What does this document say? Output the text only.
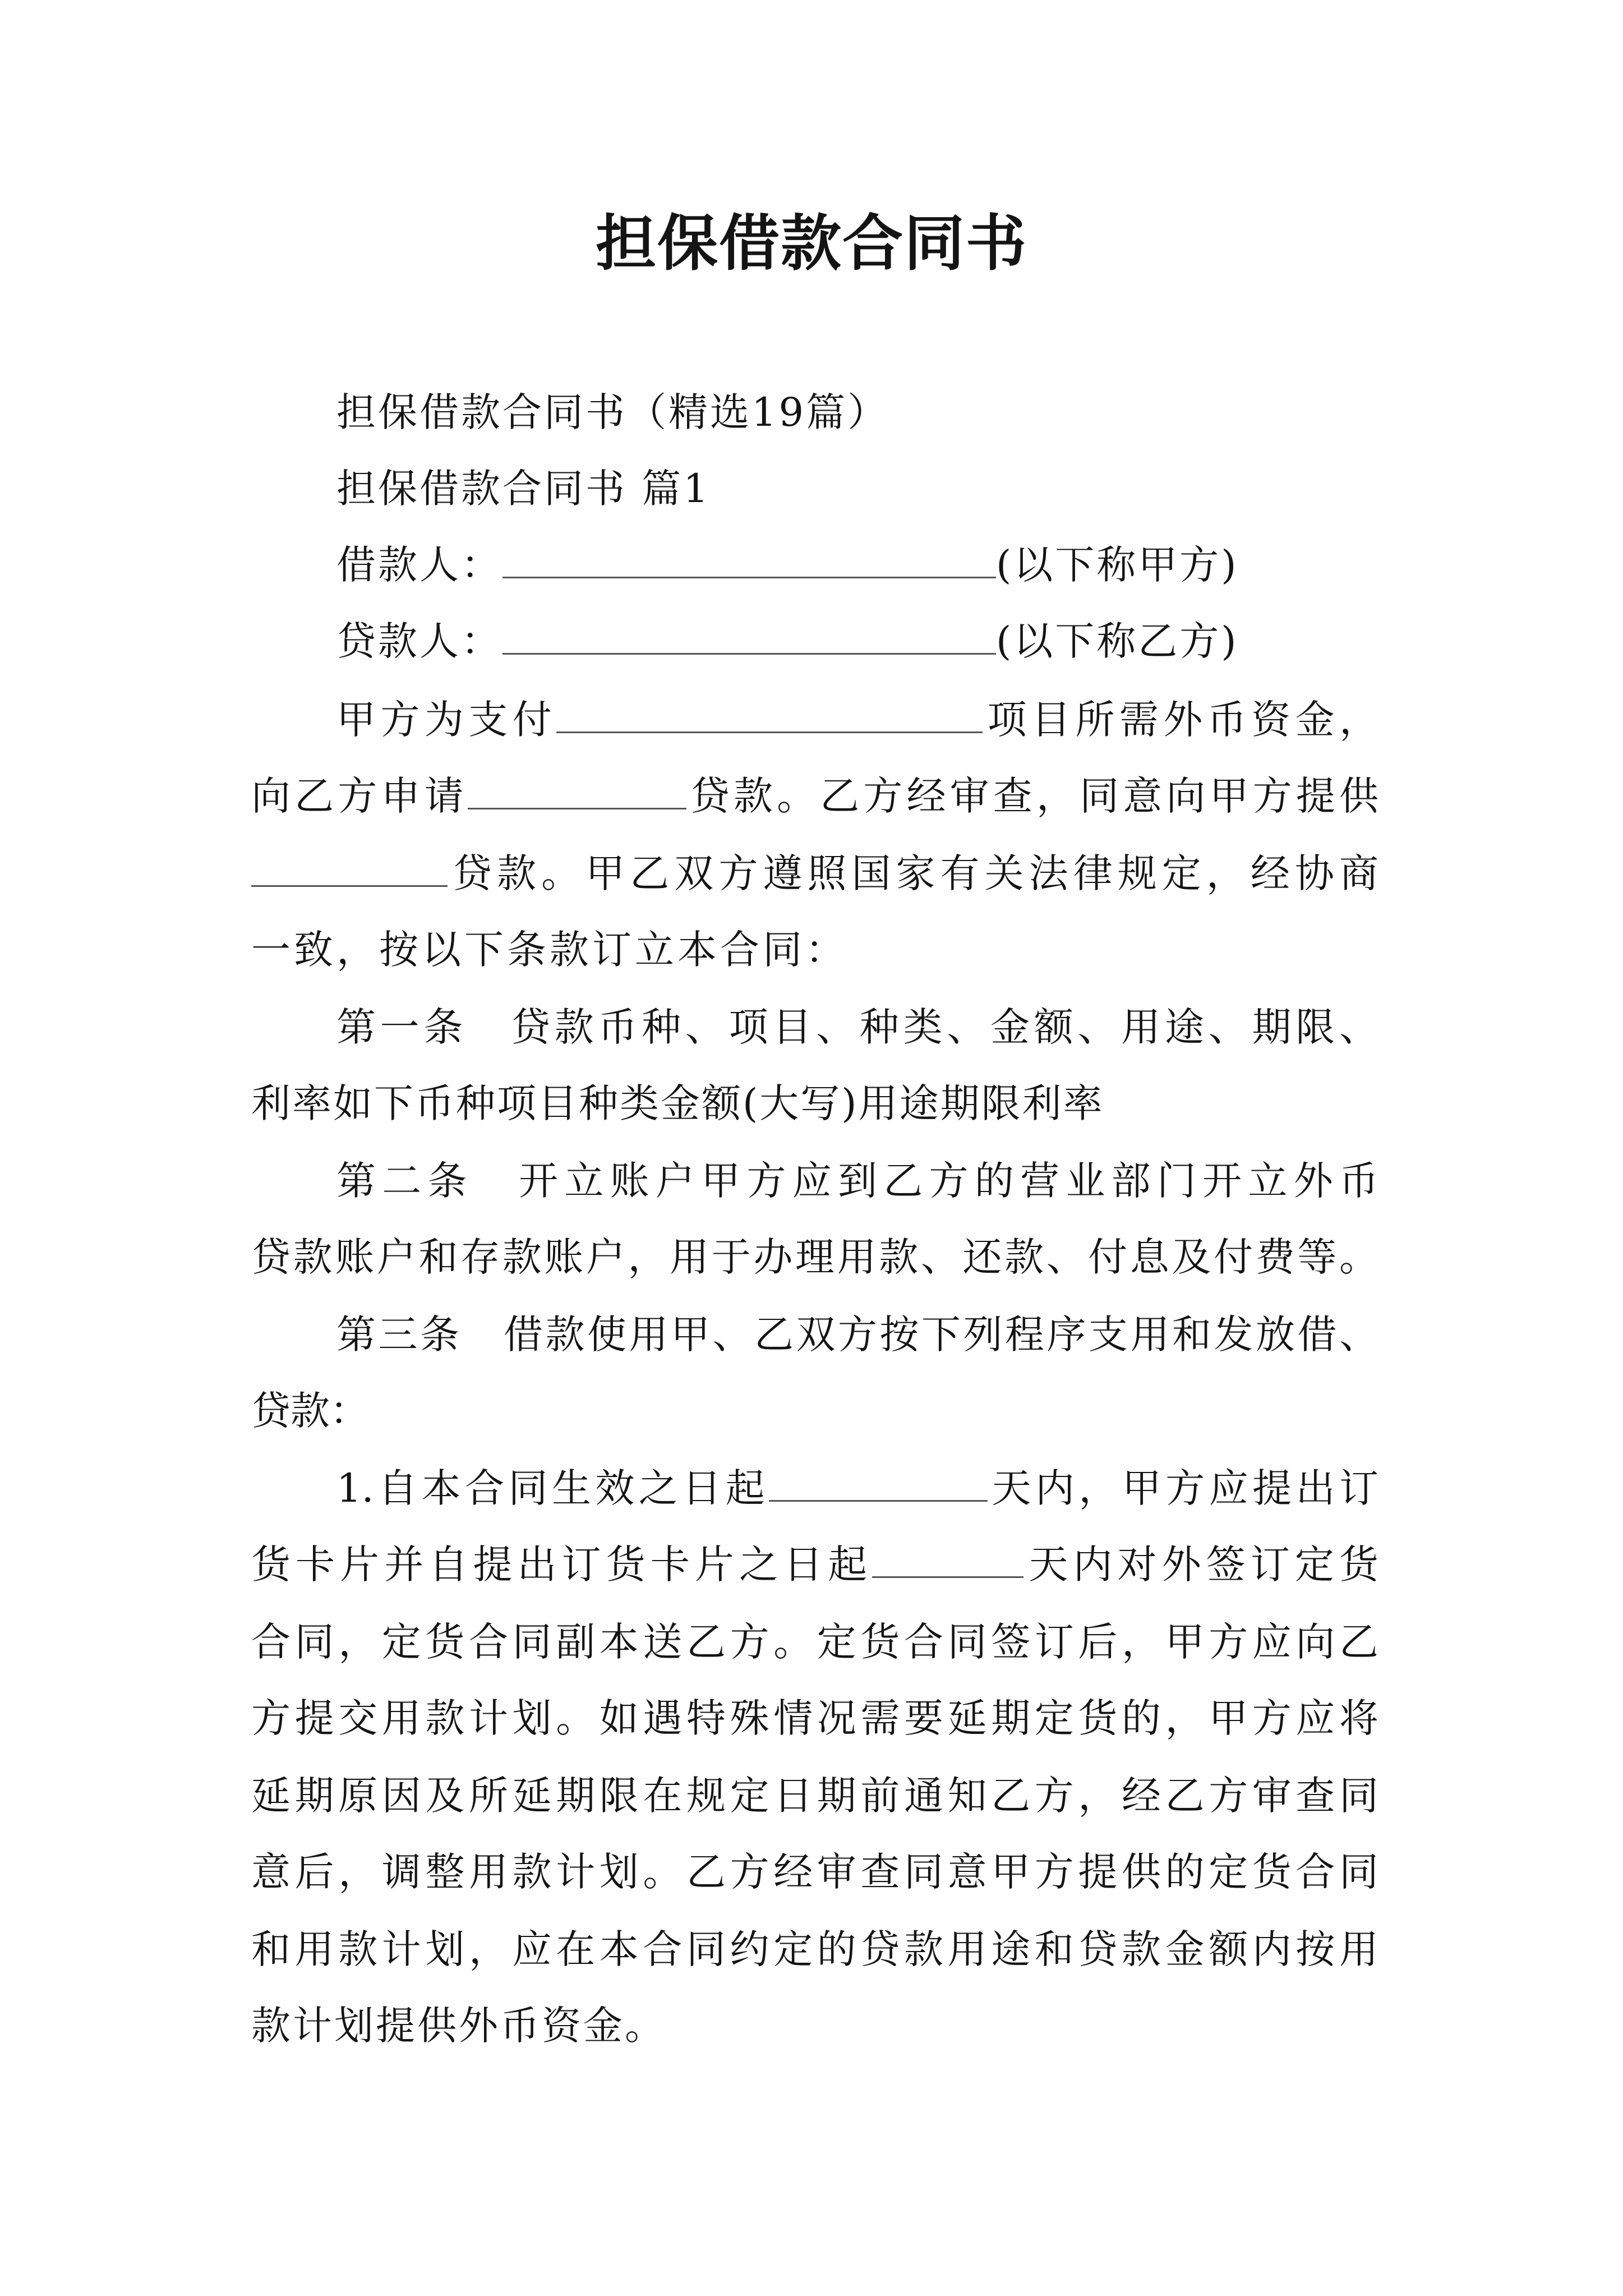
担保借款合同书
担保借款合同书（精选19篇）
担保借款合同书 篇1
借款人：	(以下称甲方)
贷款人：	(以下称乙方)
甲方为支付	项目所需外币资金，
向乙方申请	贷款。乙方经审查，同意向甲方提供
贷款。甲乙双方遵照国家有关法律规定，经协商
一致，按以下条款订立本合同：
第一条　贷款币种、项目、种类、金额、用途、期限、
利率如下币种项目种类金额(大写)用途期限利率
第二条　开立账户甲方应到乙方的营业部门开立外币
贷款账户和存款账户，用于办理用款、还款、付息及付费等。
第三条　借款使用甲、乙双方按下列程序支用和发放借、
贷款：
1.自本合同生效之日起	天内，甲方应提出订
货卡片并自提出订货卡片之日起	天内对外签订定货
合同，定货合同副本送乙方。定货合同签订后，甲方应向乙
方提交用款计划。如遇特殊情况需要延期定货的，甲方应将
延期原因及所延期限在规定日期前通知乙方，经乙方审查同
意后，调整用款计划。乙方经审查同意甲方提供的定货合同
和用款计划，应在本合同约定的贷款用途和贷款金额内按用
款计划提供外币资金。
